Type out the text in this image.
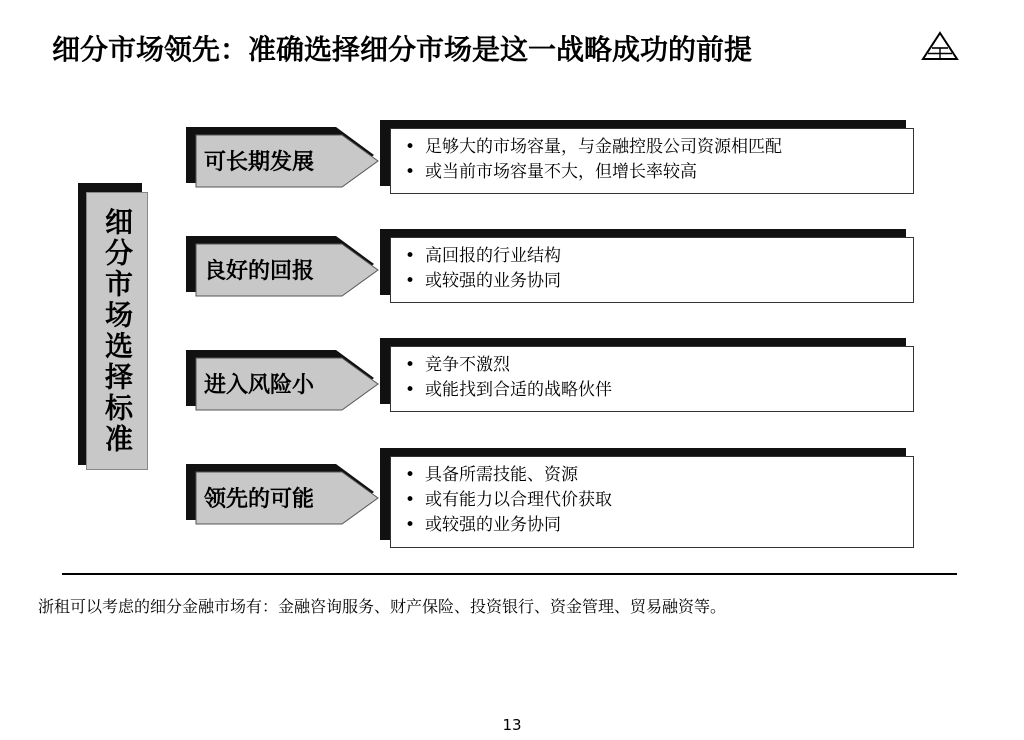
细分市场领先：准确选择细分市场是这一战略成功的前提
细分市场选择标准
可长期发展
• 足够大的市场容量，与金融控股公司资源相匹配
• 或当前市场容量不大，但增长率较高
良好的回报
• 高回报的行业结构
• 或较强的业务协同
进入风险小
• 竞争不激烈
• 或能找到合适的战略伙伴
领先的可能
• 具备所需技能、资源
• 或有能力以合理代价获取
• 或较强的业务协同
浙租可以考虑的细分金融市场有：金融咨询服务、财产保险、投资银行、资金管理、贸易融资等。
13
